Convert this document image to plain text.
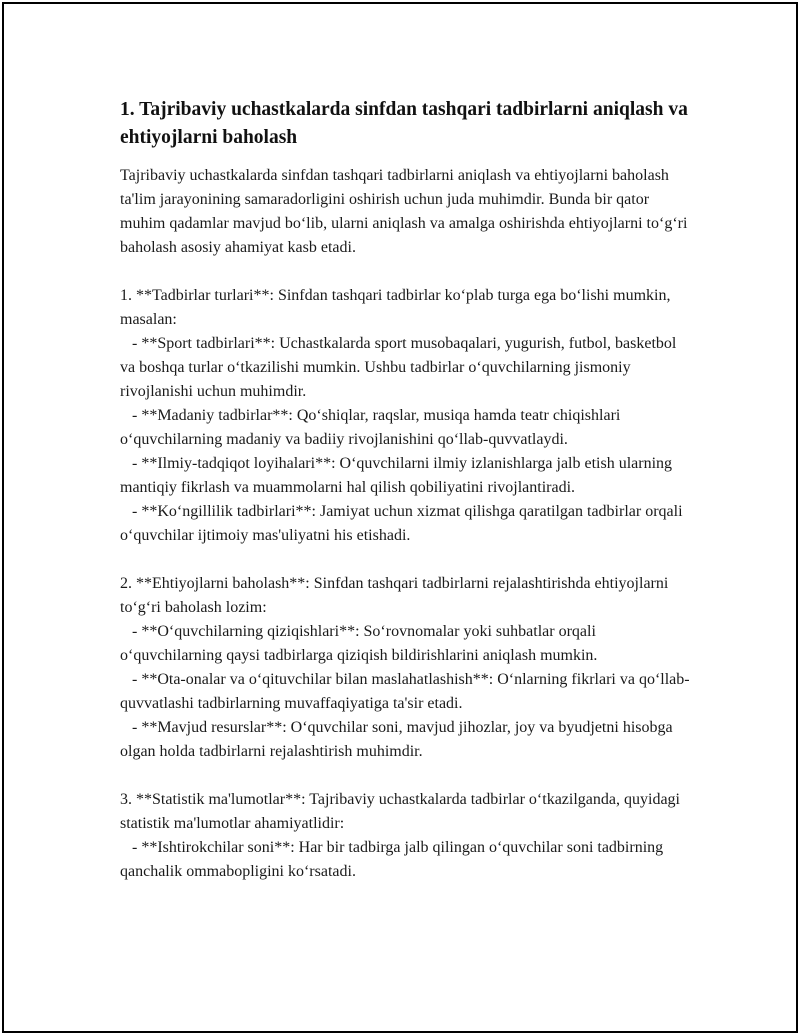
1. Tajribaviy uchastkalarda sinfdan tashqari tadbirlarni aniqlash va ehtiyojlarni baholash

Tajribaviy uchastkalarda sinfdan tashqari tadbirlarni aniqlash va ehtiyojlarni baholash ta'lim jarayonining samaradorligini oshirish uchun juda muhimdir. Bunda bir qator muhim qadamlar mavjud bo‘lib, ularni aniqlash va amalga oshirishda ehtiyojlarni to‘g‘ri baholash asosiy ahamiyat kasb etadi.

1. **Tadbirlar turlari**: Sinfdan tashqari tadbirlar ko‘plab turga ega bo‘lishi mumkin, masalan:
- **Sport tadbirlari**: Uchastkalarda sport musobaqalari, yugurish, futbol, basketbol va boshqa turlar o‘tkazilishi mumkin. Ushbu tadbirlar o‘quvchilarning jismoniy rivojlanishi uchun muhimdir.
- **Madaniy tadbirlar**: Qo‘shiqlar, raqslar, musiqa hamda teatr chiqishlari o‘quvchilarning madaniy va badiiy rivojlanishini qo‘llab-quvvatlaydi.
- **Ilmiy-tadqiqot loyihalari**: O‘quvchilarni ilmiy izlanishlarga jalb etish ularning mantiqiy fikrlash va muammolarni hal qilish qobiliyatini rivojlantiradi.
- **Ko‘ngillilik tadbirlari**: Jamiyat uchun xizmat qilishga qaratilgan tadbirlar orqali o‘quvchilar ijtimoiy mas'uliyatni his etishadi.
2. **Ehtiyojlarni baholash**: Sinfdan tashqari tadbirlarni rejalashtirishda ehtiyojlarni to‘g‘ri baholash lozim:
- **O‘quvchilarning qiziqishlari**: So‘rovnomalar yoki suhbatlar orqali o‘quvchilarning qaysi tadbirlarga qiziqish bildirishlarini aniqlash mumkin.
- **Ota-onalar va o‘qituvchilar bilan maslahatlashish**: O‘nlarning fikrlari va qo‘llab-quvvatlashi tadbirlarning muvaffaqiyatiga ta'sir etadi.
- **Mavjud resurslar**: O‘quvchilar soni, mavjud jihozlar, joy va byudjetni hisobga olgan holda tadbirlarni rejalashtirish muhimdir.
3. **Statistik ma'lumotlar**: Tajribaviy uchastkalarda tadbirlar o‘tkazilganda, quyidagi statistik ma'lumotlar ahamiyatlidir:
- **Ishtirokchilar soni**: Har bir tadbirga jalb qilingan o‘quvchilar soni tadbirning qanchalik ommabopligini ko‘rsatadi.
